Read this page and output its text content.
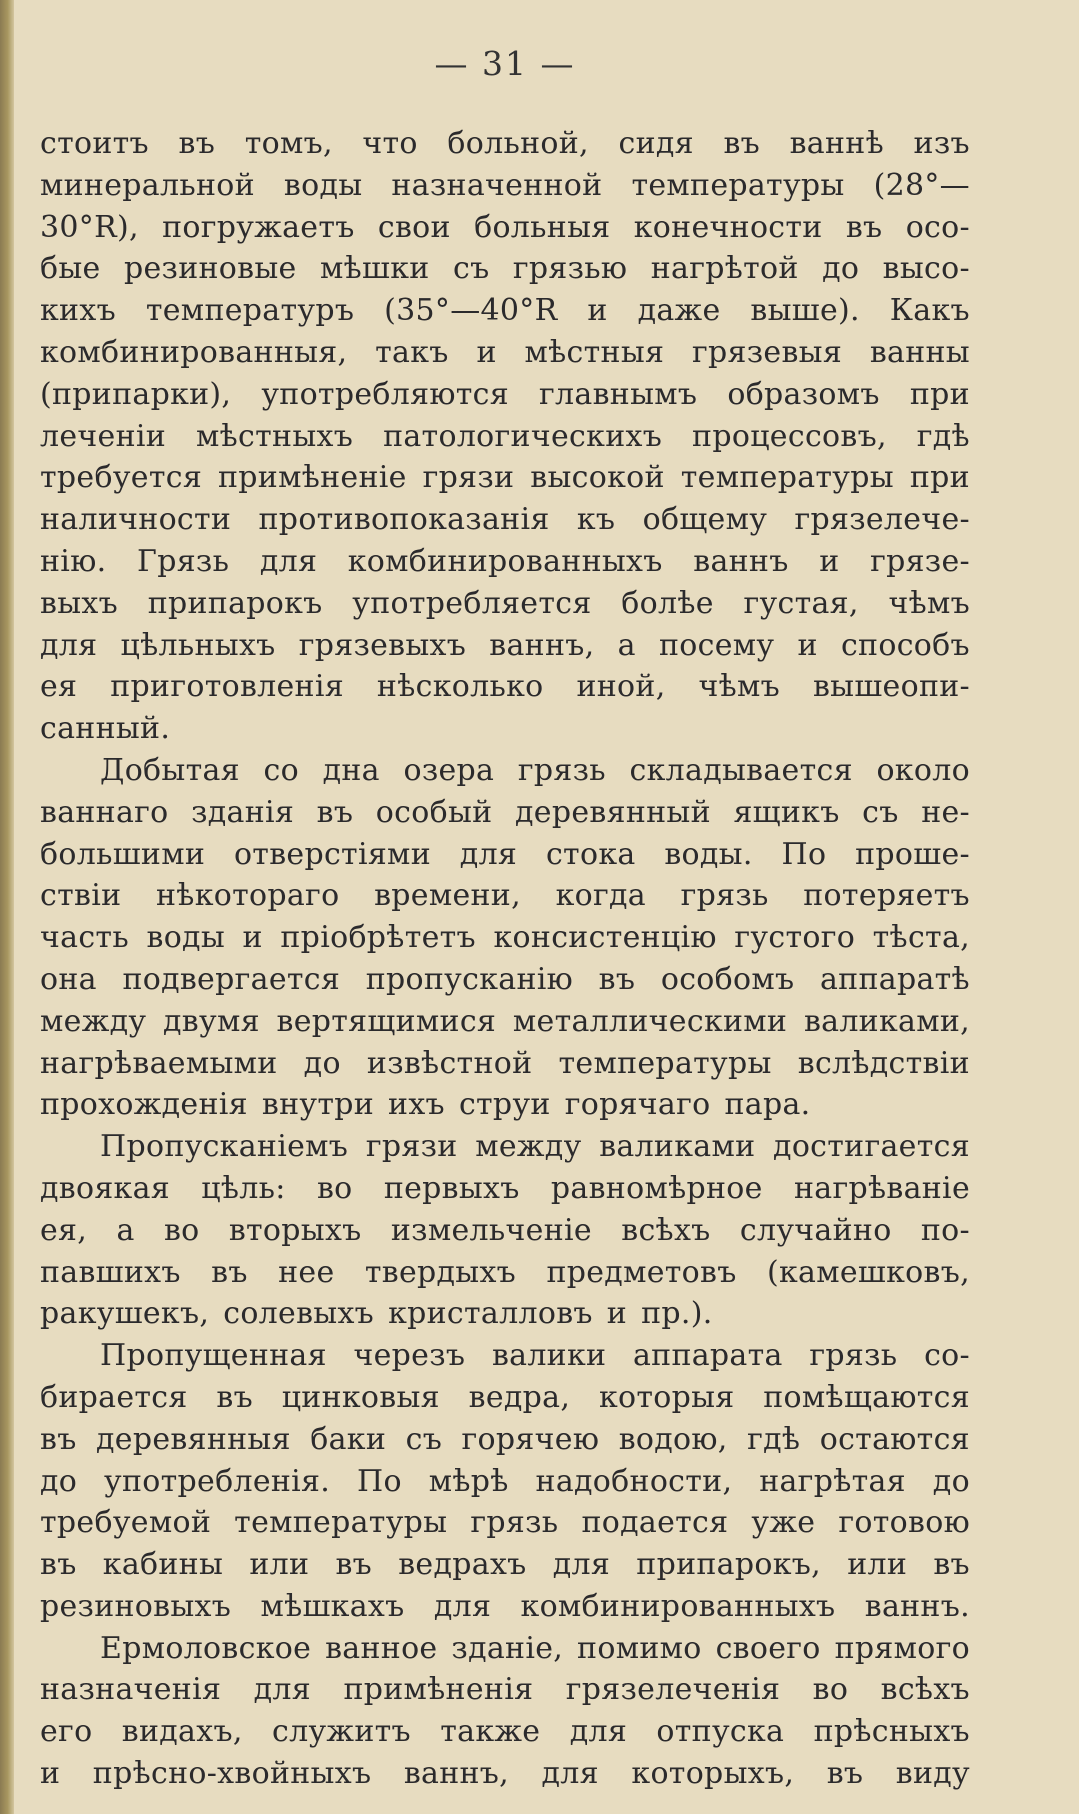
— 31 —
стоитъ въ томъ, что больной, сидя въ ваннѣ изъ
минеральной воды назначенной температуры (28°—
30°R), погружаетъ свои больныя конечности въ осо-
бые резиновые мѣшки съ грязью нагрѣтой до высо-
кихъ температуръ (35°—40°R и даже выше). Какъ
комбинированныя, такъ и мѣстныя грязевыя ванны
(припарки), употребляются главнымъ образомъ при
леченіи мѣстныхъ патологическихъ процессовъ, гдѣ
требуется примѣненіе грязи высокой температуры при
наличности противопоказанія къ общему грязелече-
нію. Грязь для комбинированныхъ ваннъ и грязе-
выхъ припарокъ употребляется болѣе густая, чѣмъ
для цѣльныхъ грязевыхъ ваннъ, а посему и способъ
ея приготовленія нѣсколько иной, чѣмъ вышеопи-
санный.
Добытая со дна озера грязь складывается около
ваннаго зданія въ особый деревянный ящикъ съ не-
большими отверстіями для стока воды. По проше-
ствіи нѣкотораго времени, когда грязь потеряетъ
часть воды и пріобрѣтетъ консистенцію густого тѣста,
она подвергается пропусканію въ особомъ аппаратѣ
между двумя вертящимися металлическими валиками,
нагрѣваемыми до извѣстной температуры вслѣдствіи
прохожденія внутри ихъ струи горячаго пара.
Пропусканіемъ грязи между валиками достигается
двоякая цѣль: во первыхъ равномѣрное нагрѣваніе
ея, а во вторыхъ измельченіе всѣхъ случайно по-
павшихъ въ нее твердыхъ предметовъ (камешковъ,
ракушекъ, солевыхъ кристалловъ и пр.).
Пропущенная черезъ валики аппарата грязь со-
бирается въ цинковыя ведра, которыя помѣщаются
въ деревянныя баки съ горячею водою, гдѣ остаются
до употребленія. По мѣрѣ надобности, нагрѣтая до
требуемой температуры грязь подается уже готовою
въ кабины или въ ведрахъ для припарокъ, или въ
резиновыхъ мѣшкахъ для комбинированныхъ ваннъ.
Ермоловское ванное зданіе, помимо своего прямого
назначенія для примѣненія грязелеченія во всѣхъ
его видахъ, служитъ также для отпуска прѣсныхъ
и прѣсно-хвойныхъ ваннъ, для которыхъ, въ виду
